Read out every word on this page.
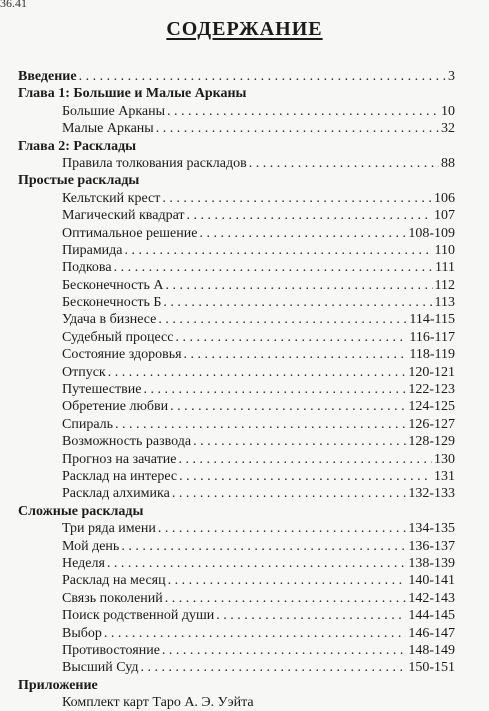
36.41
СОДЕРЖАНИЕ
Введение . . .	3
Глава 1: Большие и Малые Арканы
Большие Арканы . . .	10
Малые Арканы . . .	32
Глава 2: Расклады
Правила толкования раскладов . . .	88
Простые расклады
Кельтский крест . . .	106
Магический квадрат . . .	107
Оптимальное решение . . .	108-109
Пирамида . . .	110
Подкова . . .	111
Бесконечность А . . .	112
Бесконечность Б . . .	113
Удача в бизнесе . . .	114-115
Судебный процесс . . .	116-117
Состояние здоровья . . .	118-119
Отпуск . . .	120-121
Путешествие . . .	122-123
Обретение любви . . .	124-125
Спираль . . .	126-127
Возможность развода . . .	128-129
Прогноз на зачатие . . .	130
Расклад на интерес . . .	131
Расклад алхимика . . .	132-133
Сложные расклады
Три ряда имени . . .	134-135
Мой день . . .	136-137
Неделя . . .	138-139
Расклад на месяц . . .	140-141
Связь поколений . . .	142-143
Поиск родственной души . . .	144-145
Выбор . . .	146-147
Противостояние . . .	148-149
Высший Суд . . .	150-151
Приложение
Комплект карт Таро А. Э. Уэйта
